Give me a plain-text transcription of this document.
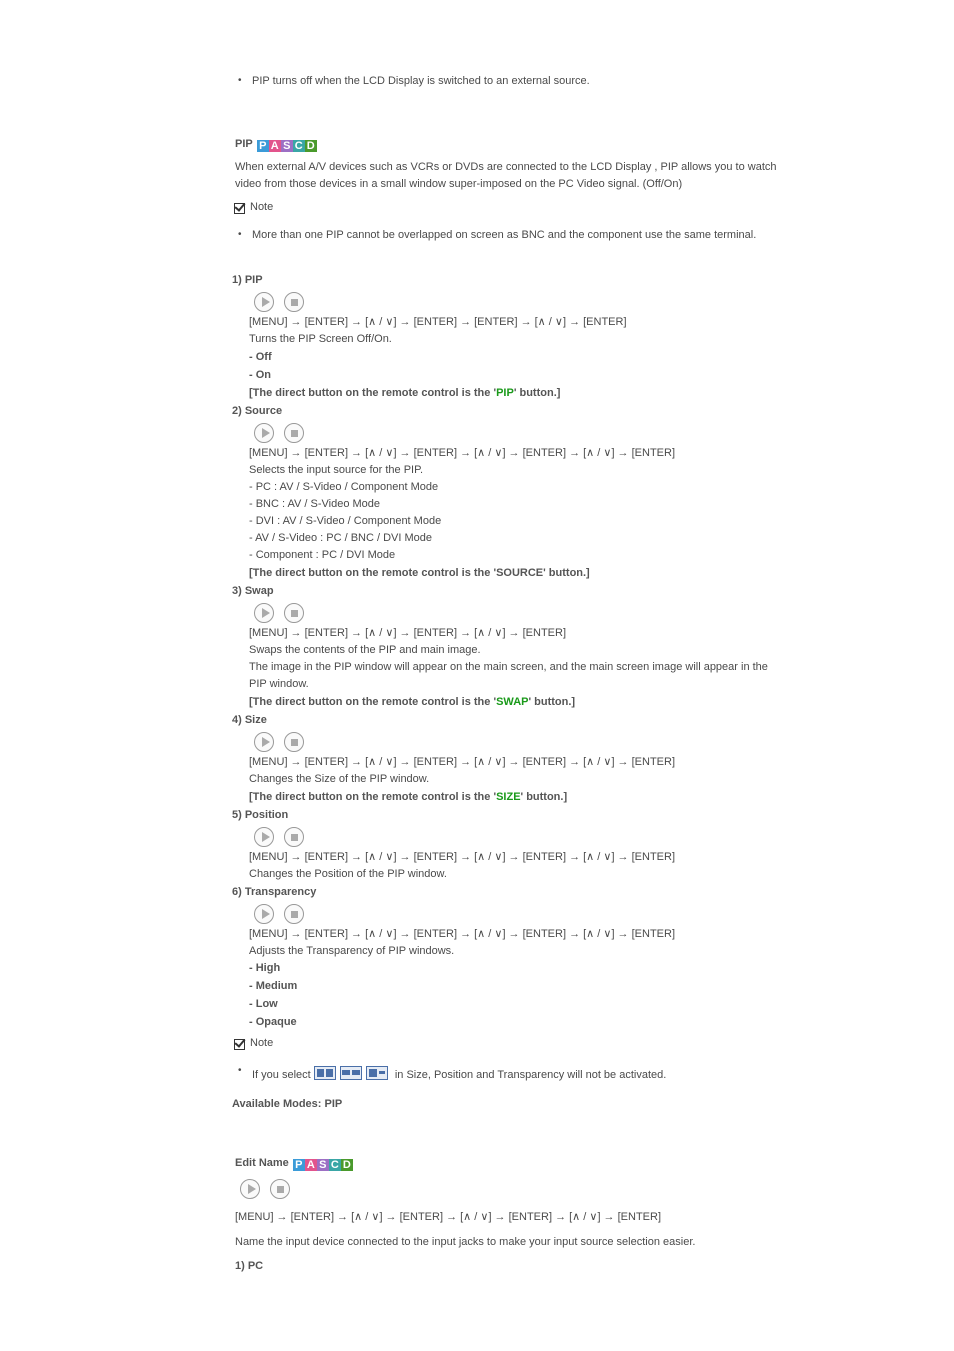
• PIP turns off when the LCD Display is switched to an external source.
PIP P A S C D
When external A/V devices such as VCRs or DVDs are connected to the LCD Display , PIP allows you to watch
video from those devices in a small window super-imposed on the PC Video signal. (Off/On)
Note
• More than one PIP cannot be overlapped on screen as BNC and the component use the same terminal.
1) PIP
[MENU] → [ENTER] → [∧ / ∨] → [ENTER] → [ENTER] → [∧ / ∨] → [ENTER]
Turns the PIP Screen Off/On.
- Off
- On
[The direct button on the remote control is the 'PIP' button.]
2) Source
[MENU] → [ENTER] → [∧ / ∨] → [ENTER] → [∧ / ∨] → [ENTER] → [∧ / ∨] → [ENTER]
Selects the input source for the PIP.
- PC : AV / S-Video / Component Mode
- BNC : AV / S-Video Mode
- DVI : AV / S-Video / Component Mode
- AV / S-Video : PC / BNC / DVI Mode
- Component : PC / DVI Mode
[The direct button on the remote control is the 'SOURCE' button.]
3) Swap
[MENU] → [ENTER] → [∧ / ∨] → [ENTER] → [∧ / ∨] → [ENTER]
Swaps the contents of the PIP and main image.
The image in the PIP window will appear on the main screen, and the main screen image will appear in the
PIP window.
[The direct button on the remote control is the 'SWAP' button.]
4) Size
[MENU] → [ENTER] → [∧ / ∨] → [ENTER] → [∧ / ∨] → [ENTER] → [∧ / ∨] → [ENTER]
Changes the Size of the PIP window.
[The direct button on the remote control is the 'SIZE' button.]
5) Position
[MENU] → [ENTER] → [∧ / ∨] → [ENTER] → [∧ / ∨] → [ENTER] → [∧ / ∨] → [ENTER]
Changes the Position of the PIP window.
6) Transparency
[MENU] → [ENTER] → [∧ / ∨] → [ENTER] → [∧ / ∨] → [ENTER] → [∧ / ∨] → [ENTER]
Adjusts the Transparency of PIP windows.
- High
- Medium
- Low
- Opaque
Note
• If you select	in Size, Position and Transparency will not be activated.
Available Modes: PIP
Edit Name P A S C D
[MENU] → [ENTER] → [∧ / ∨] → [ENTER] → [∧ / ∨] → [ENTER] → [∧ / ∨] → [ENTER]
Name the input device connected to the input jacks to make your input source selection easier.
1) PC
